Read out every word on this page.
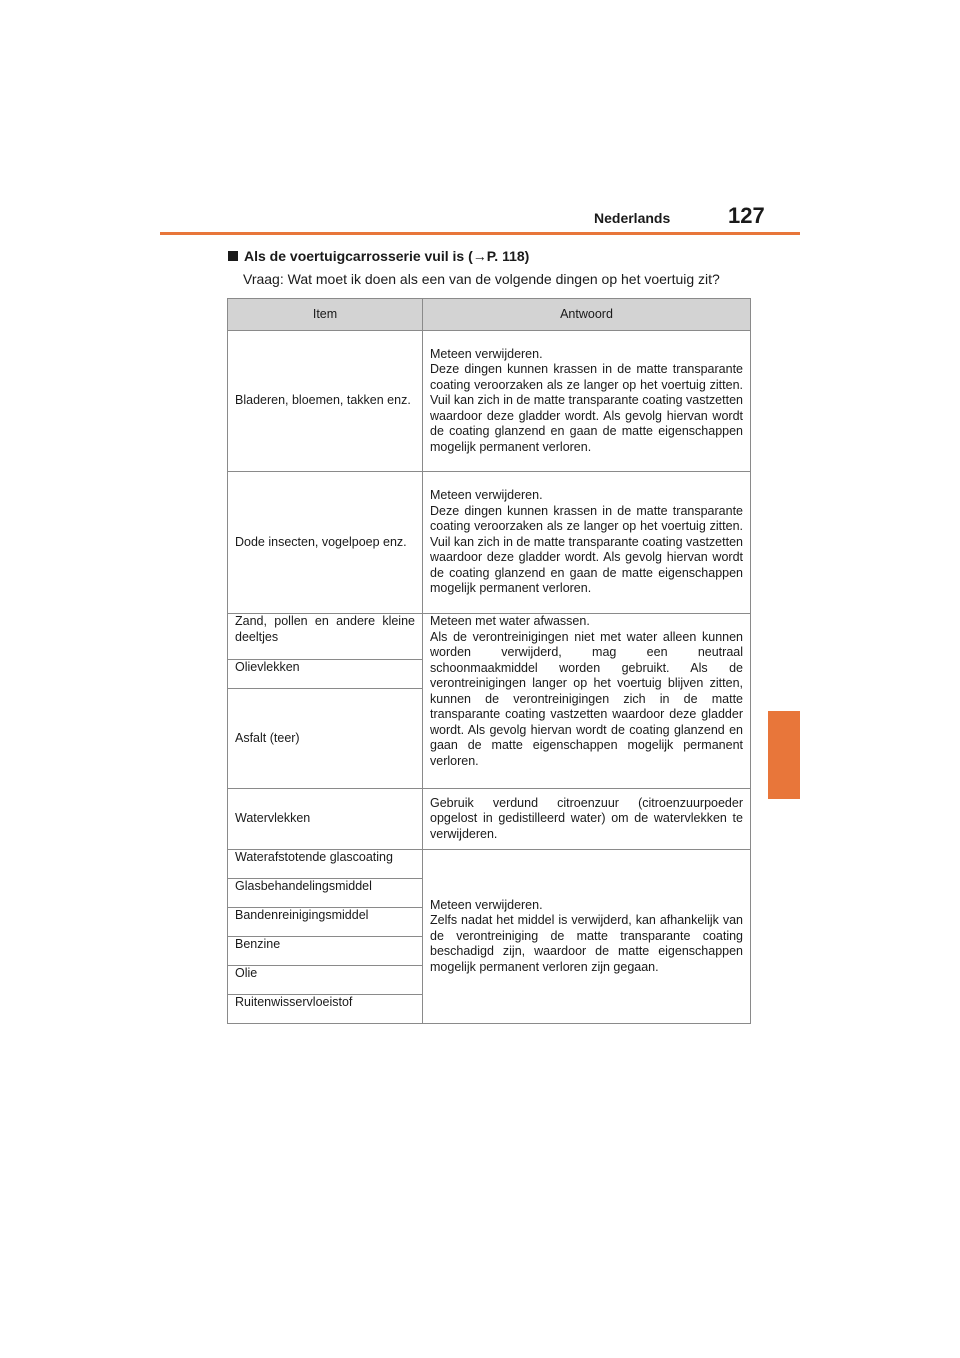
Nederlands	127
Als de voertuigcarrosserie vuil is (→P. 118)
Vraag: Wat moet ik doen als een van de volgende dingen op het voertuig zit?
Item	Antwoord
Bladeren, bloemen, takken enz.	Meteen verwijderen.
Deze dingen kunnen krassen in de matte transparante coating veroorzaken als ze langer op het voertuig zitten. Vuil kan zich in de matte transparante coating vastzetten waardoor deze gladder wordt. Als gevolg hiervan wordt de coating glanzend en gaan de matte eigenschappen mogelijk permanent verloren.
Dode insecten, vogelpoep enz.	Meteen verwijderen.
Deze dingen kunnen krassen in de matte transparante coating veroorzaken als ze langer op het voertuig zitten. Vuil kan zich in de matte transparante coating vastzetten waardoor deze gladder wordt. Als gevolg hiervan wordt de coating glanzend en gaan de matte eigenschappen mogelijk permanent verloren.
Zand, pollen en andere kleine deeltjes	Meteen met water afwassen.
Als de verontreinigingen niet met water alleen kunnen worden verwijderd, mag een neutraal schoonmaakmiddel worden gebruikt. Als de verontreinigingen langer op het voertuig blijven zitten, kunnen de verontreinigingen zich in de matte transparante coating vastzetten waardoor deze gladder wordt. Als gevolg hiervan wordt de coating glanzend en gaan de matte eigenschappen mogelijk permanent verloren.
Olievlekken	
Asfalt (teer)	
Watervlekken	Gebruik verdund citroenzuur (citroenzuurpoeder opgelost in gedistilleerd water) om de watervlekken te verwijderen.
Waterafstotende glascoating	Meteen verwijderen.
Zelfs nadat het middel is verwijderd, kan afhankelijk van de verontreiniging de matte transparante coating beschadigd zijn, waardoor de matte eigenschappen mogelijk permanent verloren zijn gegaan.
Glasbehandelingsmiddel	
Bandenreinigingsmiddel	
Benzine	
Olie	
Ruitenwisservloeistof	
